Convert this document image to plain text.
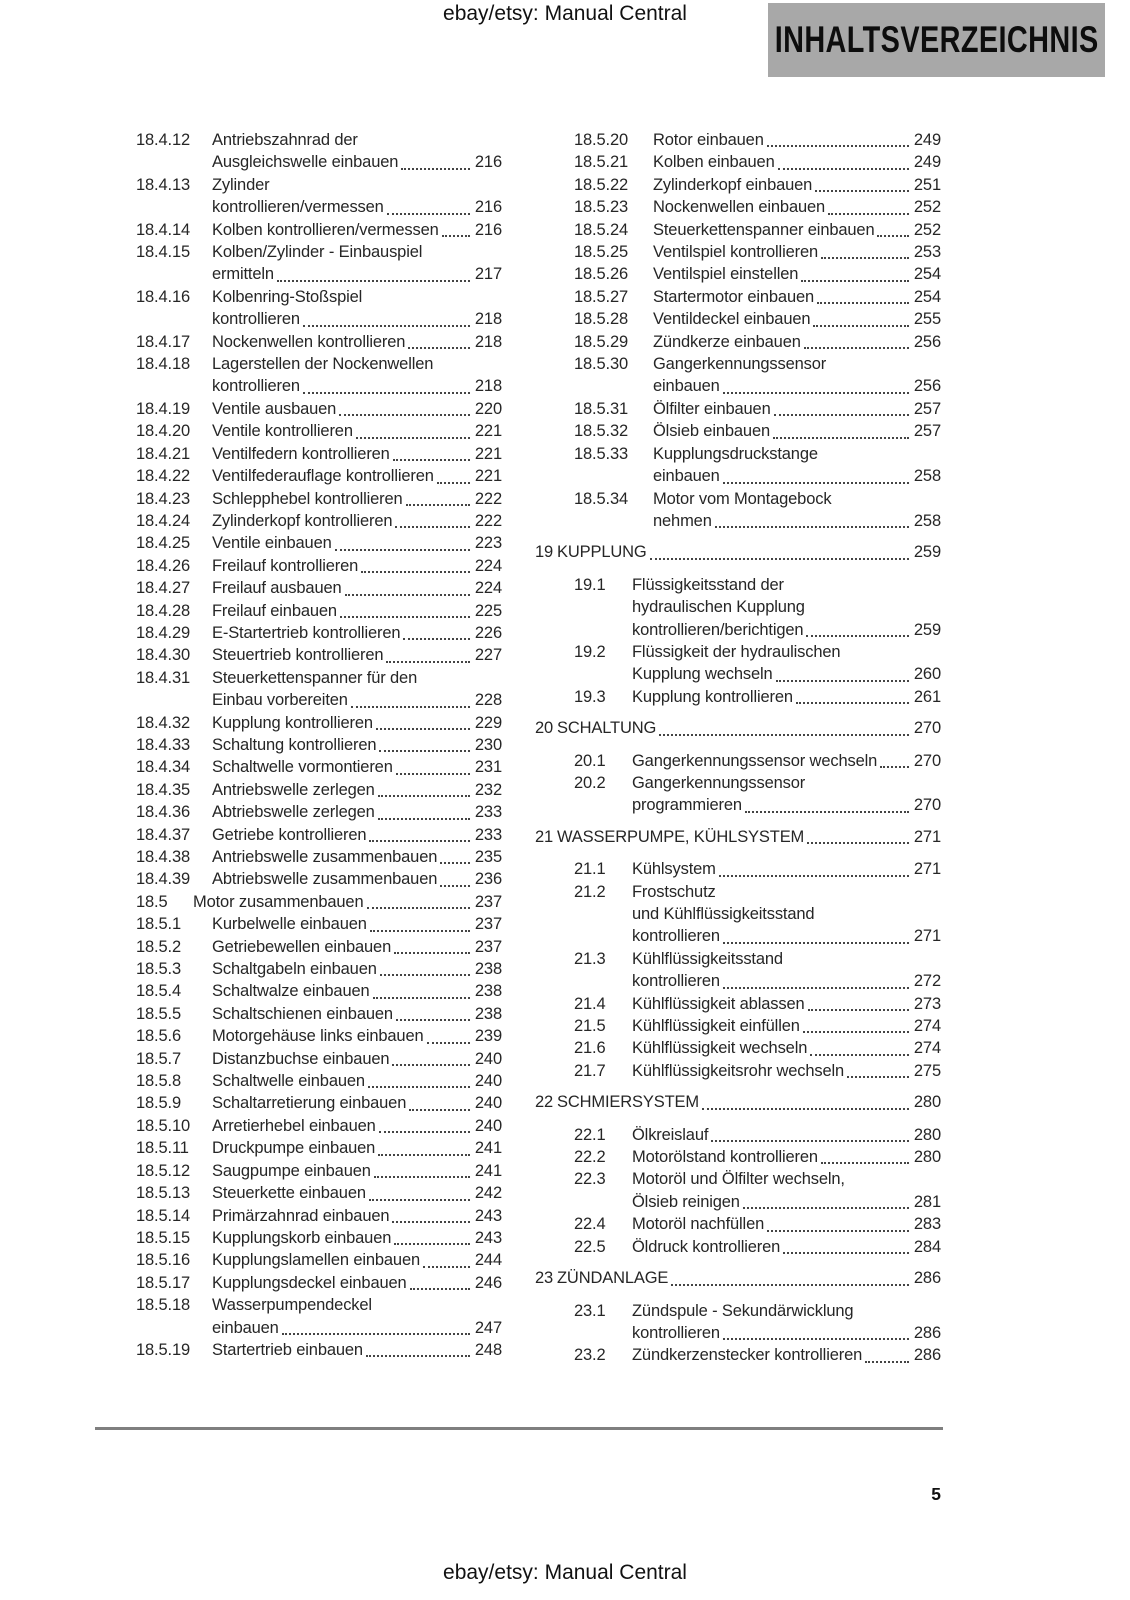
ebay/etsy: Manual Central
INHALTSVERZEICHNIS
18.4.12	Antriebszahnrad der
Ausgleichswelle einbauen	216
18.4.13	Zylinder
kontrollieren/vermessen	216
18.4.14	Kolben kontrollieren/vermessen 216
18.4.15	Kolben/Zylinder - Einbauspiel
ermitteln	217
18.4.16	Kolbenring-Stoßspiel
kontrollieren	218
18.4.17	Nockenwellen kontrollieren	218
18.4.18	Lagerstellen der Nockenwellen
kontrollieren	218
18.4.19	Ventile ausbauen	220
18.4.20	Ventile kontrollieren	221
18.4.21	Ventilfedern kontrollieren	221
18.4.22	Ventilfederauflage kontrollieren 221
18.4.23	Schlepphebel kontrollieren	222
18.4.24	Zylinderkopf kontrollieren	222
18.4.25	Ventile einbauen	223
18.4.26	Freilauf kontrollieren	224
18.4.27	Freilauf ausbauen	224
18.4.28	Freilauf einbauen	225
18.4.29	E-Startertrieb kontrollieren	226
18.4.30	Steuertrieb kontrollieren	227
18.4.31	Steuerkettenspanner für den
Einbau vorbereiten	228
18.4.32	Kupplung kontrollieren	229
18.4.33	Schaltung kontrollieren	230
18.4.34	Schaltwelle vormontieren	231
18.4.35	Antriebswelle zerlegen	232
18.4.36	Abtriebswelle zerlegen	233
18.4.37	Getriebe kontrollieren	233
18.4.38	Antriebswelle zusammenbauen 235
18.4.39	Abtriebswelle zusammenbauen 236
18.5	Motor zusammenbauen	237
18.5.1	Kurbelwelle einbauen	237
18.5.2	Getriebewellen einbauen	237
18.5.3	Schaltgabeln einbauen	238
18.5.4	Schaltwalze einbauen	238
18.5.5	Schaltschienen einbauen	238
18.5.6	Motorgehäuse links einbauen	239
18.5.7	Distanzbuchse einbauen	240
18.5.8	Schaltwelle einbauen	240
18.5.9	Schaltarretierung einbauen	240
18.5.10	Arretierhebel einbauen	240
18.5.11	Druckpumpe einbauen	241
18.5.12	Saugpumpe einbauen	241
18.5.13	Steuerkette einbauen	242
18.5.14	Primärzahnrad einbauen	243
18.5.15	Kupplungskorb einbauen	243
18.5.16	Kupplungslamellen einbauen	244
18.5.17	Kupplungsdeckel einbauen	246
18.5.18	Wasserpumpendeckel
einbauen	247
18.5.19	Startertrieb einbauen	248
18.5.20	Rotor einbauen	249
18.5.21	Kolben einbauen	249
18.5.22	Zylinderkopf einbauen	251
18.5.23	Nockenwellen einbauen	252
18.5.24	Steuerkettenspanner einbauen 252
18.5.25	Ventilspiel kontrollieren	253
18.5.26	Ventilspiel einstellen	254
18.5.27	Startermotor einbauen	254
18.5.28	Ventildeckel einbauen	255
18.5.29	Zündkerze einbauen	256
18.5.30	Gangerkennungssensor
einbauen	256
18.5.31	Ölfilter einbauen	257
18.5.32	Ölsieb einbauen	257
18.5.33	Kupplungsdruckstange
einbauen	258
18.5.34	Motor vom Montagebock
nehmen	258
19 KUPPLUNG	259
19.1	Flüssigkeitsstand der
hydraulischen Kupplung
kontrollieren/berichtigen	259
19.2	Flüssigkeit der hydraulischen
Kupplung wechseln	260
19.3	Kupplung kontrollieren	261
20 SCHALTUNG	270
20.1	Gangerkennungssensor wechseln 270
20.2	Gangerkennungssensor
programmieren	270
21 WASSERPUMPE, KÜHLSYSTEM	271
21.1	Kühlsystem	271
21.2	Frostschutz
und Kühlflüssigkeitsstand
kontrollieren	271
21.3	Kühlflüssigkeitsstand
kontrollieren	272
21.4	Kühlflüssigkeit ablassen	273
21.5	Kühlflüssigkeit einfüllen	274
21.6	Kühlflüssigkeit wechseln	274
21.7	Kühlflüssigkeitsrohr wechseln	275
22 SCHMIERSYSTEM	280
22.1	Ölkreislauf	280
22.2	Motorölstand kontrollieren	280
22.3	Motoröl und Ölfilter wechseln,
Ölsieb reinigen	281
22.4	Motoröl nachfüllen	283
22.5	Öldruck kontrollieren	284
23 ZÜNDANLAGE	286
23.1	Zündspule - Sekundärwicklung
kontrollieren	286
23.2	Zündkerzenstecker kontrollieren	286
5
ebay/etsy: Manual Central
